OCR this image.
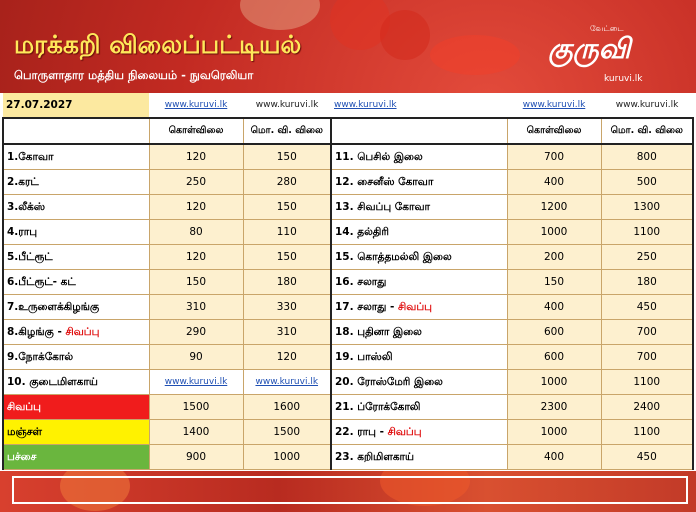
மரக்கறி விலைப்பட்டியல்
பொருளாதார மத்திய நிலையம் - நுவரெலியா
வேட்டை
குருவி
kuruvi.lk
27.07.2027	www.kuruvi.lk	www.kuruvi.lk	www.kuruvi.lk	www.kuruvi.lk	www.kuruvi.lk
	கொள்விலை	மொ. வி. விலை		கொள்விலை	மொ. வி. விலை
1.கோவா	120	150	11. பெசில் இலை	700	800
2.கரட்	250	280	12. சைனீஸ் கோவா	400	500
3.லீக்ஸ்	120	150	13. சிவப்பு கோவா	1200	1300
4.ராபு	80	110	14. தல்திரி	1000	1100
5.பீட்ரூட்	120	150	15. கொத்தமல்லி இலை	200	250
6.பீட்ரூட்- கட்	150	180	16. சலாது	150	180
7.உருளைக்கிழங்கு	310	330	17. சலாது - சிவப்பு	400	450
8.கிழங்கு - சிவப்பு	290	310	18. புதினா இலை	600	700
9.நோக்கோல்	90	120	19. பாஸ்லி	600	700
10. குடைமிளகாய்	www.kuruvi.lk	www.kuruvi.lk	20. ரோஸ்மேரி இலை	1000	1100
சிவப்பு	1500	1600	21. ப்ரோக்கோலி	2300	2400
மஞ்சள்	1400	1500	22. ராபு - சிவப்பு	1000	1100
பச்சை	900	1000	23. கறிமிளகாய்	400	450
